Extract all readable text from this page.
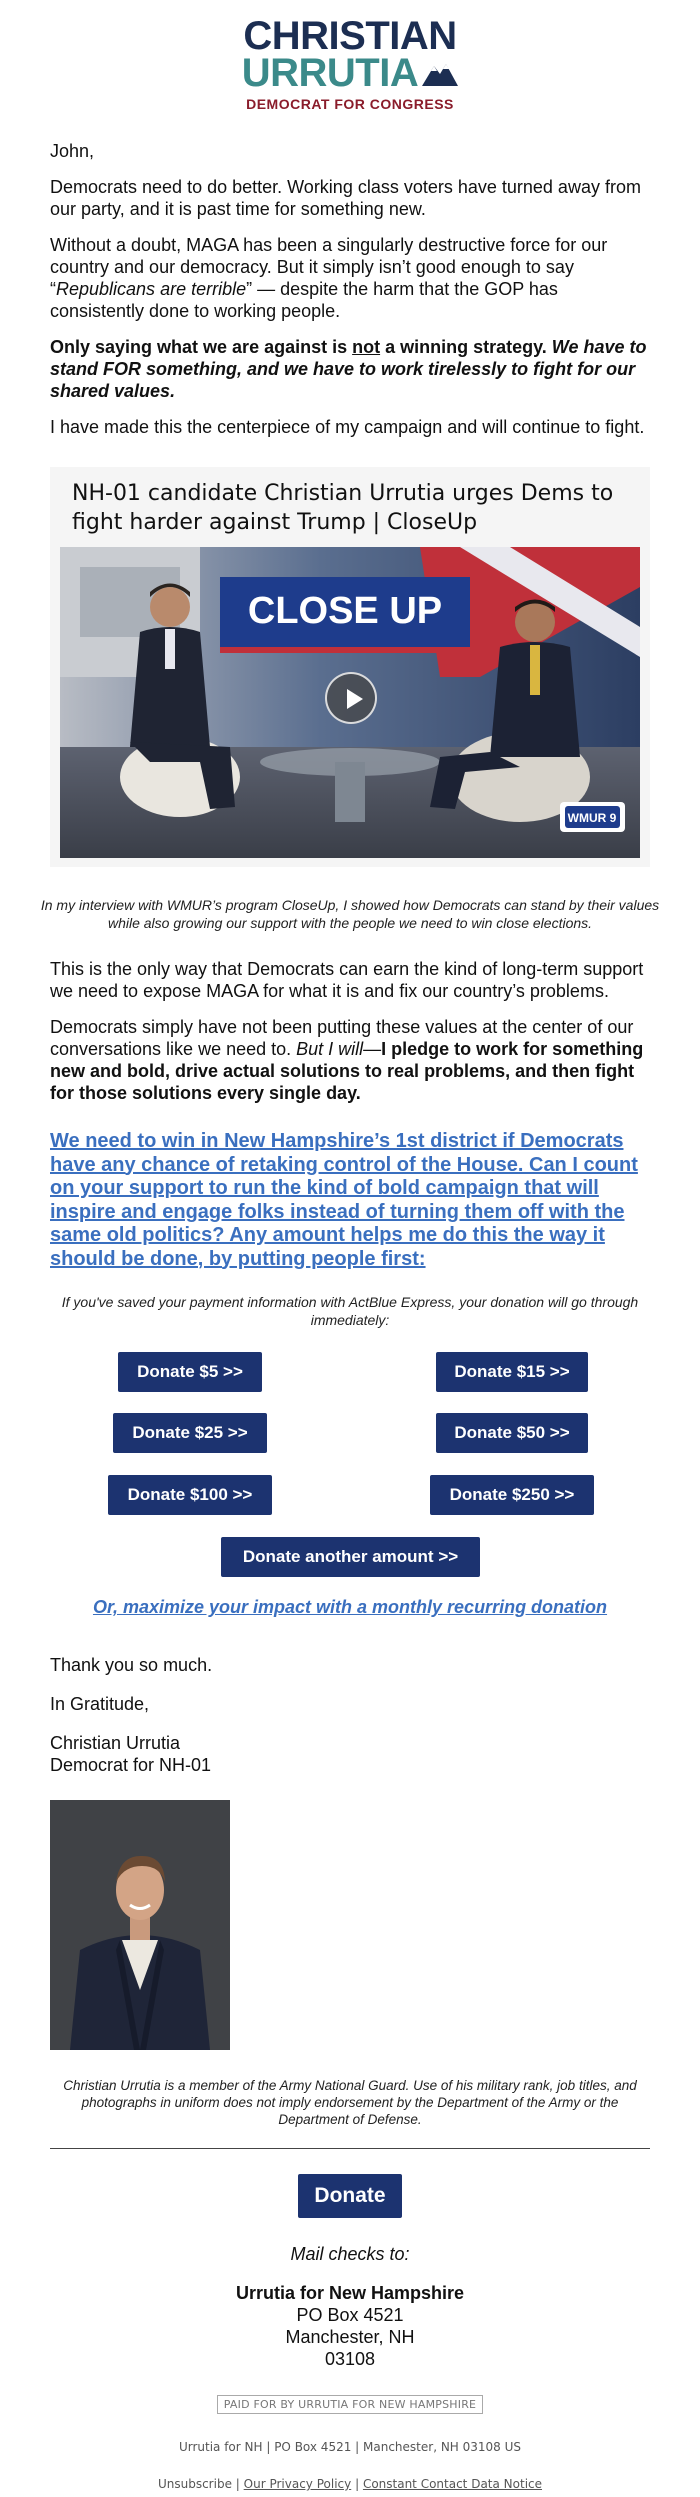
CHRISTIAN
URRUTIA
DEMOCRAT FOR CONGRESS

John,

Democrats need to do better. Working class voters have turned away from our party, and it is past time for something new.

Without a doubt, MAGA has been a singularly destructive force for our country and our democracy. But it simply isn’t good enough to say “Republicans are terrible” — despite the harm that the GOP has consistently done to working people.

Only saying what we are against is not a winning strategy. We have to stand FOR something, and we have to work tirelessly to fight for our shared values.

I have made this the centerpiece of my campaign and will continue to fight.

NH-01 candidate Christian Urrutia urges Dems to fight harder against Trump | CloseUp
CLOSE UP
WMUR 9
In my interview with WMUR’s program CloseUp, I showed how Democrats can stand by their values while also growing our support with the people we need to win close elections.

This is the only way that Democrats can earn the kind of long-term support we need to expose MAGA for what it is and fix our country’s problems.

Democrats simply have not been putting these values at the center of our conversations like we need to. But I will—I pledge to work for something new and bold, drive actual solutions to real problems, and then fight for those solutions every single day.

We need to win in New Hampshire’s 1st district if Democrats have any chance of retaking control of the House. Can I count on your support to run the kind of bold campaign that will inspire and engage folks instead of turning them off with the same old politics? Any amount helps me do this the way it should be done, by putting people first:
If you've saved your payment information with ActBlue Express, your donation will go through immediately:
Donate $5 >>	Donate $15 >>
Donate $25 >>	Donate $50 >>
Donate $100 >>	Donate $250 >>
Donate another amount >>
Or, maximize your impact with a monthly recurring donation
Thank you so much.
In Gratitude,
Christian Urrutia
Democrat for NH-01
Christian Urrutia is a member of the Army National Guard. Use of his military rank, job titles, and photographs in uniform does not imply endorsement by the Department of the Army or the Department of Defense.
Donate
Mail checks to:
Urrutia for New Hampshire
PO Box 4521
Manchester, NH
03108
PAID FOR BY URRUTIA FOR NEW HAMPSHIRE
Urrutia for NH | PO Box 4521 | Manchester, NH 03108 US
Unsubscribe | Our Privacy Policy | Constant Contact Data Notice
